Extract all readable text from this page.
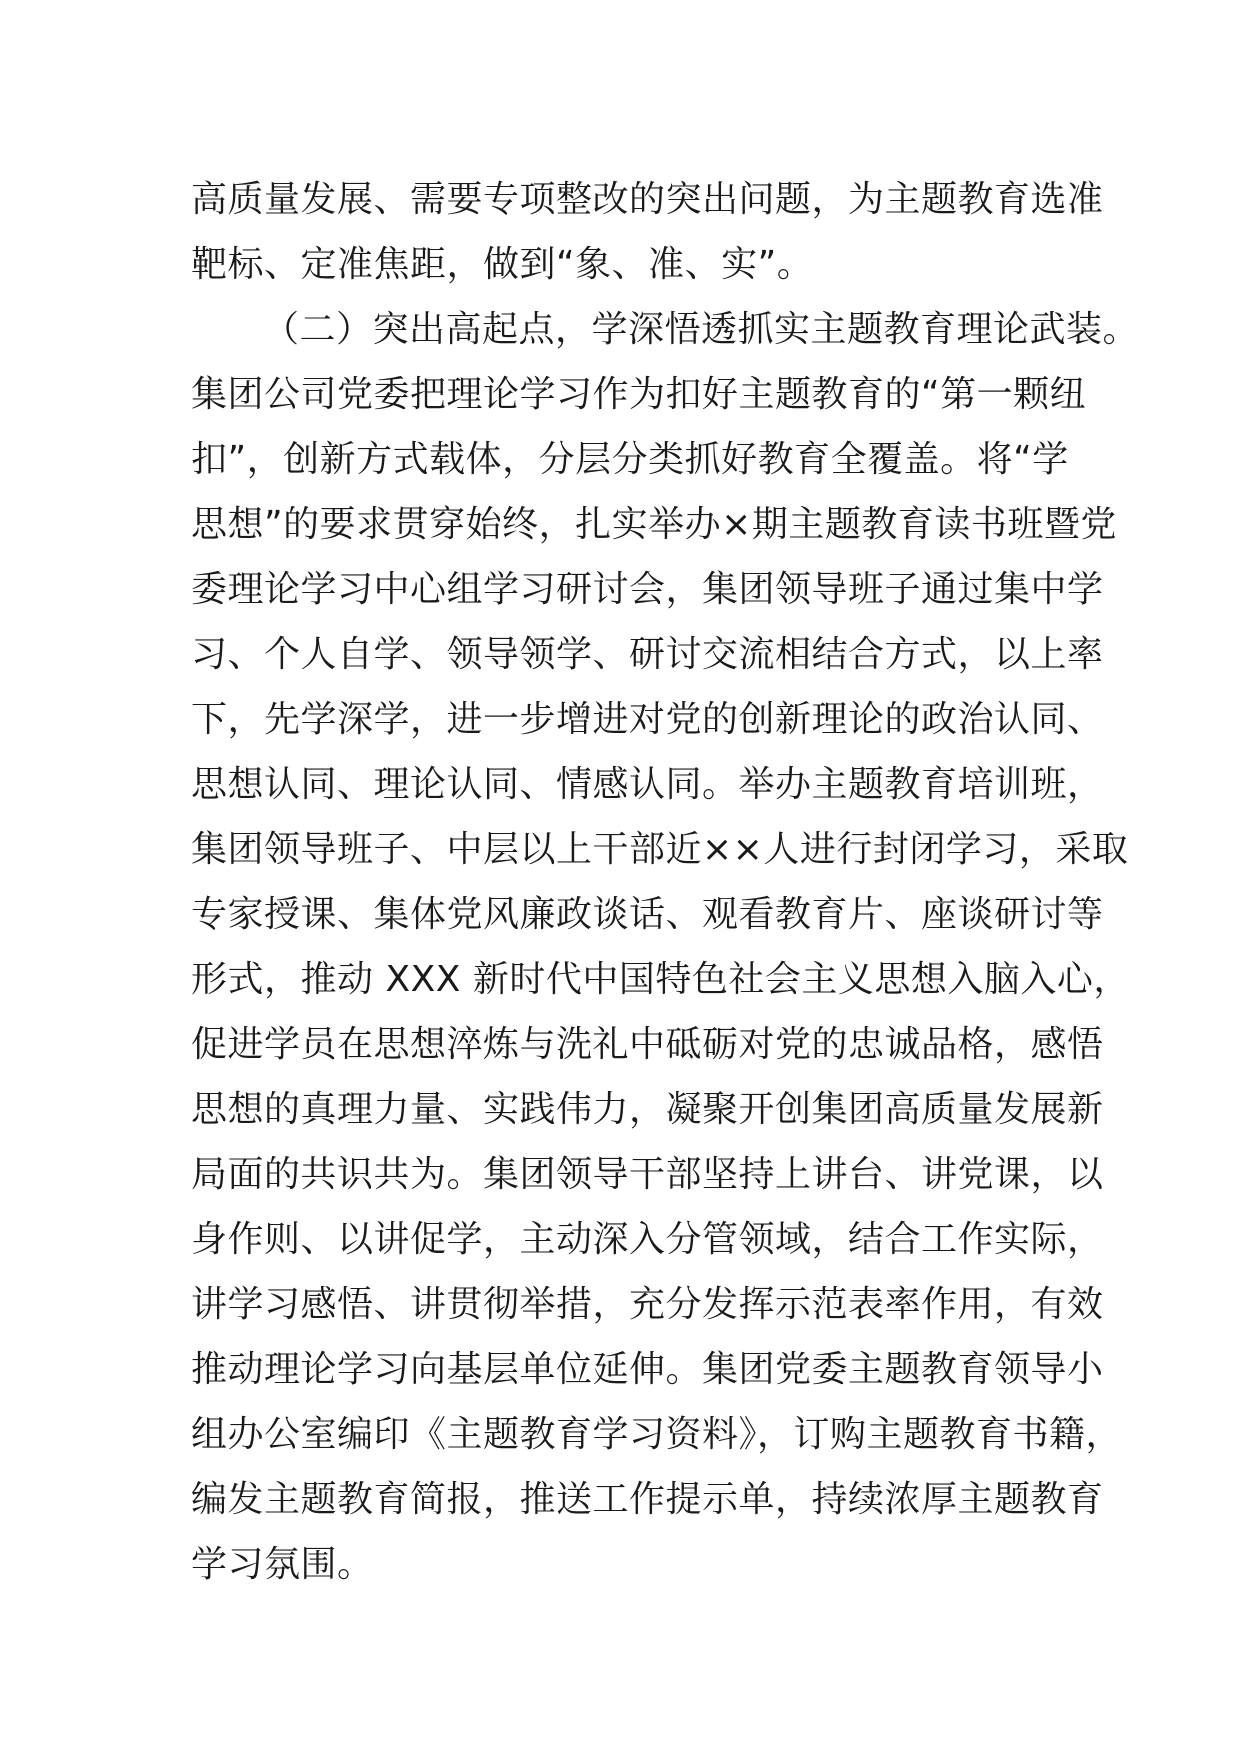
高质量发展、需要专项整改的突出问题，为主题教育选准
靶标、定准焦距，做到“象、准、实”。
（二）突出高起点，学深悟透抓实主题教育理论武装。
集团公司党委把理论学习作为扣好主题教育的“第一颗纽
扣”，创新方式载体，分层分类抓好教育全覆盖。将“学
思想”的要求贯穿始终，扎实举办×期主题教育读书班暨党
委理论学习中心组学习研讨会，集团领导班子通过集中学
习、个人自学、领导领学、研讨交流相结合方式，以上率
下，先学深学，进一步增进对党的创新理论的政治认同、
思想认同、理论认同、情感认同。举办主题教育培训班，
集团领导班子、中层以上干部近××人进行封闭学习，采取
专家授课、集体党风廉政谈话、观看教育片、座谈研讨等
形式，推动 XXX 新时代中国特色社会主义思想入脑入心，
促进学员在思想淬炼与洗礼中砥砺对党的忠诚品格，感悟
思想的真理力量、实践伟力，凝聚开创集团高质量发展新
局面的共识共为。集团领导干部坚持上讲台、讲党课，以
身作则、以讲促学，主动深入分管领域，结合工作实际，
讲学习感悟、讲贯彻举措，充分发挥示范表率作用，有效
推动理论学习向基层单位延伸。集团党委主题教育领导小
组办公室编印《主题教育学习资料》，订购主题教育书籍，
编发主题教育简报，推送工作提示单，持续浓厚主题教育
学习氛围。
